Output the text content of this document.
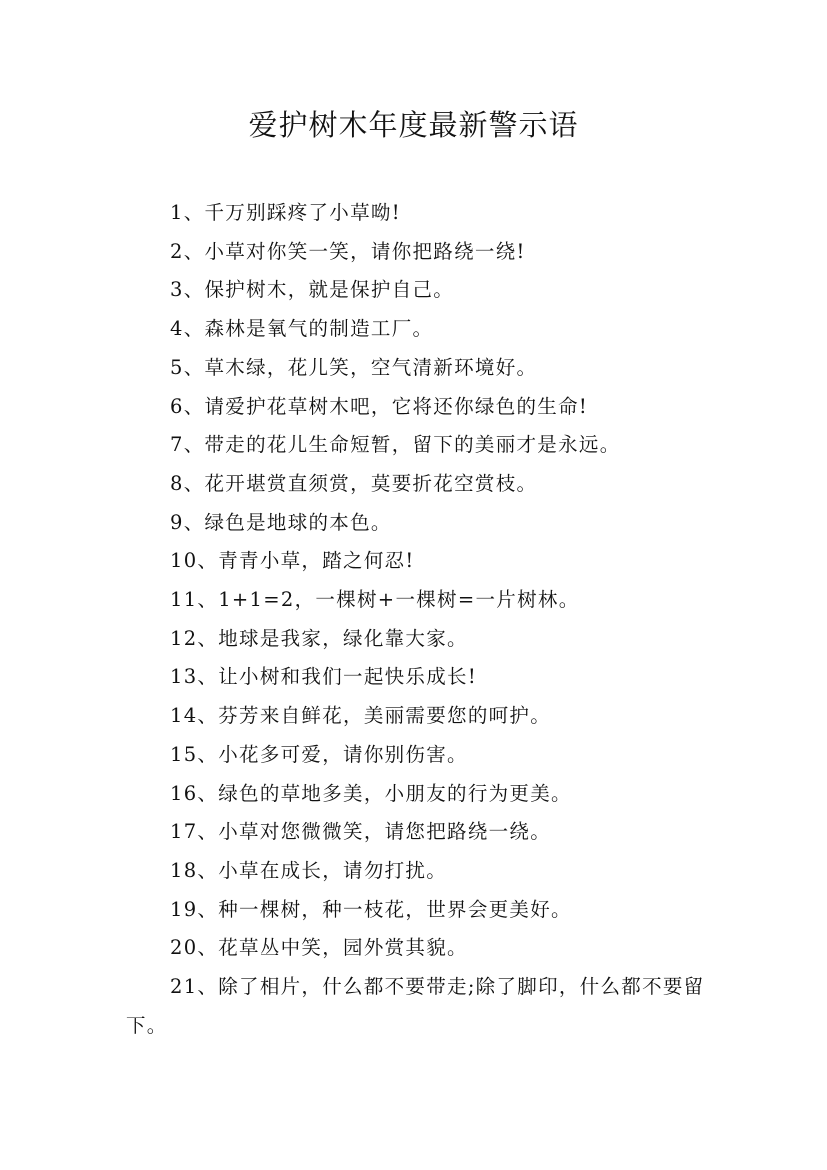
爱护树木年度最新警示语
1、千万别踩疼了小草呦!
2、小草对你笑一笑，请你把路绕一绕!
3、保护树木，就是保护自己。
4、森林是氧气的制造工厂。
5、草木绿，花儿笑，空气清新环境好。
6、请爱护花草树木吧，它将还你绿色的生命!
7、带走的花儿生命短暂，留下的美丽才是永远。
8、花开堪赏直须赏，莫要折花空赏枝。
9、绿色是地球的本色。
10、青青小草，踏之何忍!
11、1+1=2，一棵树+一棵树=一片树林。
12、地球是我家，绿化靠大家。
13、让小树和我们一起快乐成长!
14、芬芳来自鲜花，美丽需要您的呵护。
15、小花多可爱，请你别伤害。
16、绿色的草地多美，小朋友的行为更美。
17、小草对您微微笑，请您把路绕一绕。
18、小草在成长，请勿打扰。
19、种一棵树，种一枝花，世界会更美好。
20、花草丛中笑，园外赏其貌。
21、除了相片，什么都不要带走;除了脚印，什么都不要留下。
